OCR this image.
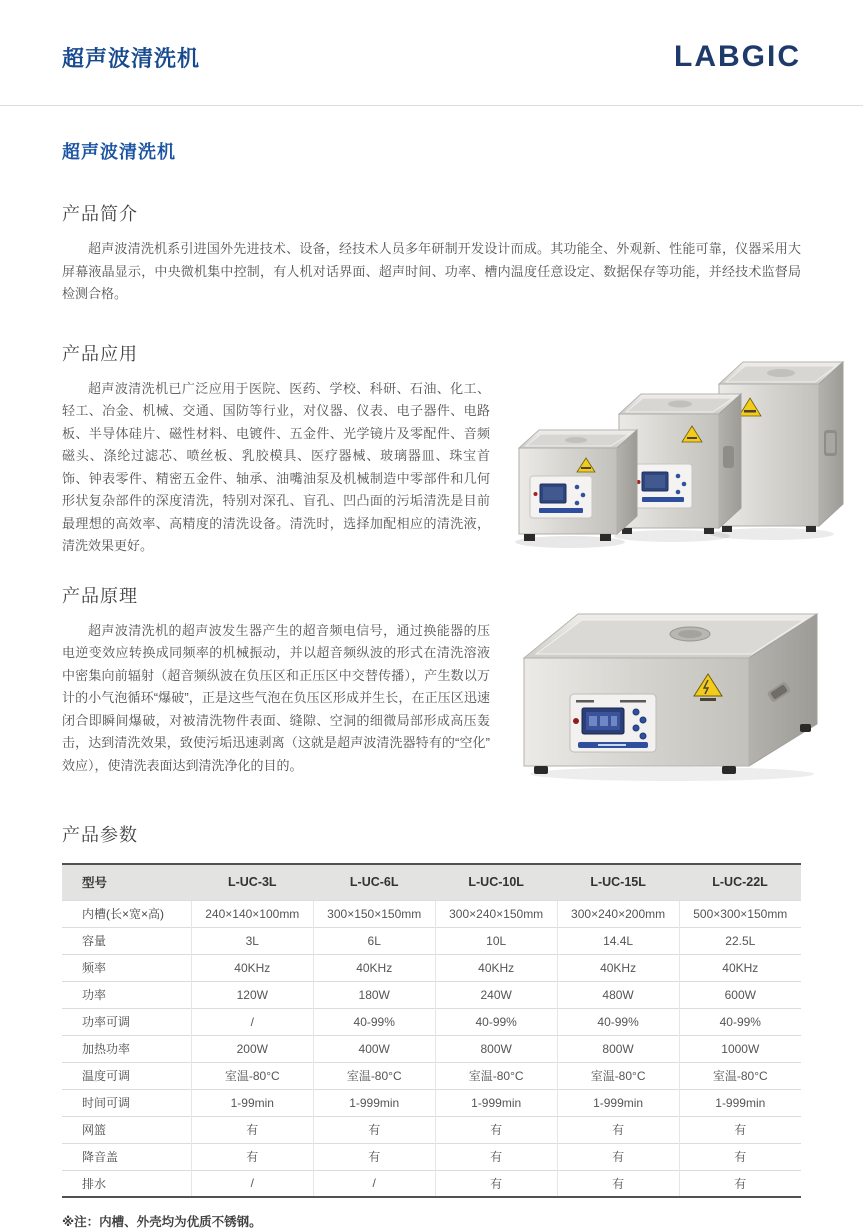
超声波清洗机	LABGIC
超声波清洗机
产品简介

超声波清洗机系引进国外先进技术、设备，经技术人员多年研制开发设计而成。其功能全、外观新、性能可靠，仪器采用大屏幕液晶显示，中央微机集中控制，有人机对话界面、超声时间、功率、槽内温度任意设定、数据保存等功能，并经技术监督局检测合格。

产品应用

超声波清洗机已广泛应用于医院、医药、学校、科研、石油、化工、轻工、冶金、机械、交通、国防等行业，对仪器、仪表、电子器件、电路板、半导体硅片、磁性材料、电镀件、五金件、光学镜片及零配件、音频磁头、涤纶过滤芯、喷丝板、乳胶模具、医疗器械、玻璃器皿、珠宝首饰、钟表零件、精密五金件、轴承、油嘴油泵及机械制造中零部件和几何形状复杂部件的深度清洗，特别对深孔、盲孔、凹凸面的污垢清洗是目前最理想的高效率、高精度的清洗设备。清洗时，选择加配相应的清洗液，清洗效果更好。

产品原理

超声波清洗机的超声波发生器产生的超音频电信号，通过换能器的压电逆变效应转换成同频率的机械振动，并以超音频纵波的形式在清洗溶液中密集向前辐射（超音频纵波在负压区和正压区中交替传播），产生数以万计的小气泡循环“爆破”，正是这些气泡在负压区形成并生长，在正压区迅速闭合即瞬间爆破，对被清洗物件表面、缝隙、空洞的细微局部形成高压轰击，达到清洗效果，致使污垢迅速剥离（这就是超声波清洗器特有的“空化”效应），使清洗表面达到清洗净化的目的。

产品参数
型号	L-UC-3L	L-UC-6L	L-UC-10L	L-UC-15L	L-UC-22L
内槽(长×宽×高)	240×140×100mm	300×150×150mm	300×240×150mm	300×240×200mm	500×300×150mm
容量	3L	6L	10L	14.4L	22.5L
频率	40KHz	40KHz	40KHz	40KHz	40KHz
功率	120W	180W	240W	480W	600W
功率可调	/	40-99%	40-99%	40-99%	40-99%
加热功率	200W	400W	800W	800W	1000W
温度可调	室温-80°C	室温-80°C	室温-80°C	室温-80°C	室温-80°C
时间可调	1-99min	1-999min	1-999min	1-999min	1-999min
网篮	有	有	有	有	有
降音盖	有	有	有	有	有
排水	/	/	有	有	有

※注：内槽、外壳均为优质不锈钢。
